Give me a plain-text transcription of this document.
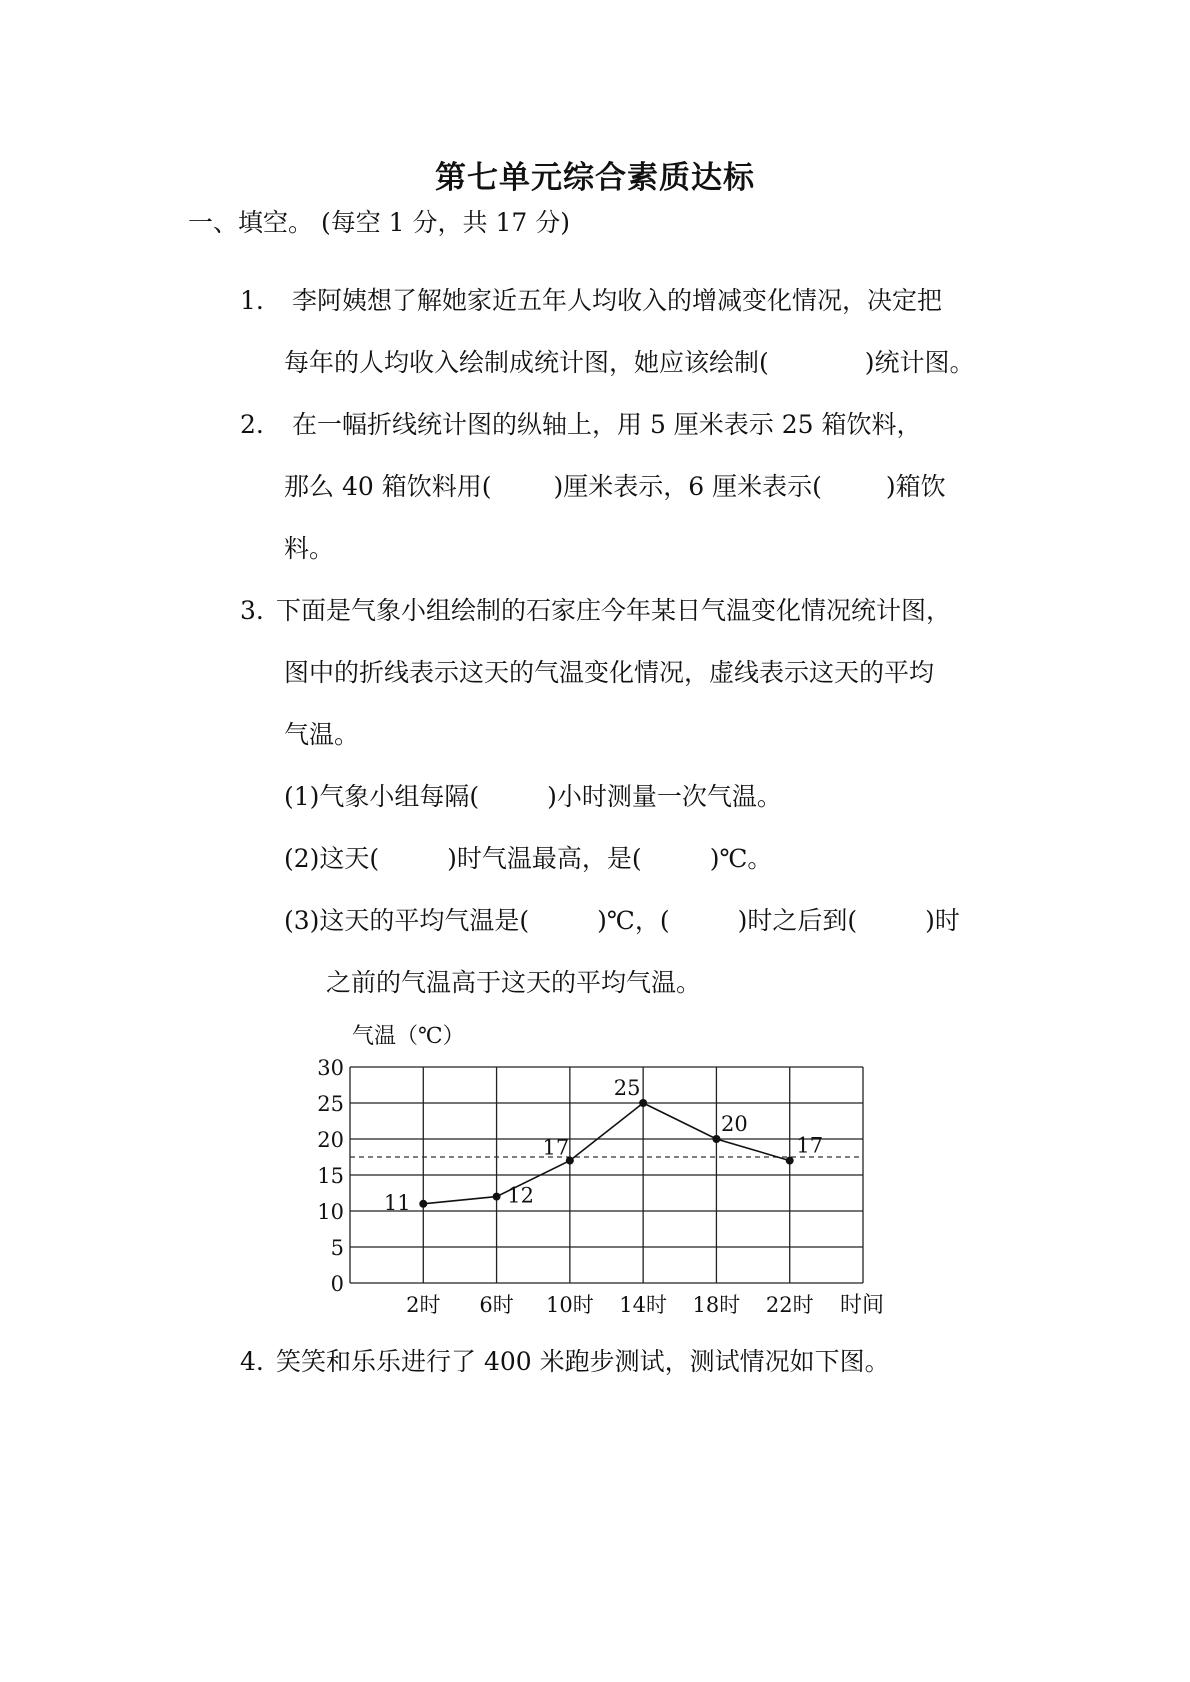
第七单元综合素质达标
一、填空。 (每空 1 分，共 17 分)
1. 李阿姨想了解她家近五年人均收入的增减变化情况，决定把
每年的人均收入绘制成统计图，她应该绘制(	)统计图。
2. 在一幅折线统计图的纵轴上，用 5 厘米表示 25 箱饮料，
那么 40 箱饮料用( )厘米表示，6 厘米表示(	)箱饮
料。
3. 下面是气象小组绘制的石家庄今年某日气温变化情况统计图，
图中的折线表示这天的气温变化情况，虚线表示这天的平均
气温。
(1)气象小组每隔(	)小时测量一次气温。
(2)这天(	)时气温最高，是(	)℃。
(3)这天的平均气温是(	)℃，(	)时之后到(	)时
之前的气温高于这天的平均气温。
气温（℃）
0
5
10
15
20
25
30
2时 6时 10时 14时 18时 22时
11	12
17
25
20
17
时间
4. 笑笑和乐乐进行了 400 米跑步测试，测试情况如下图。
